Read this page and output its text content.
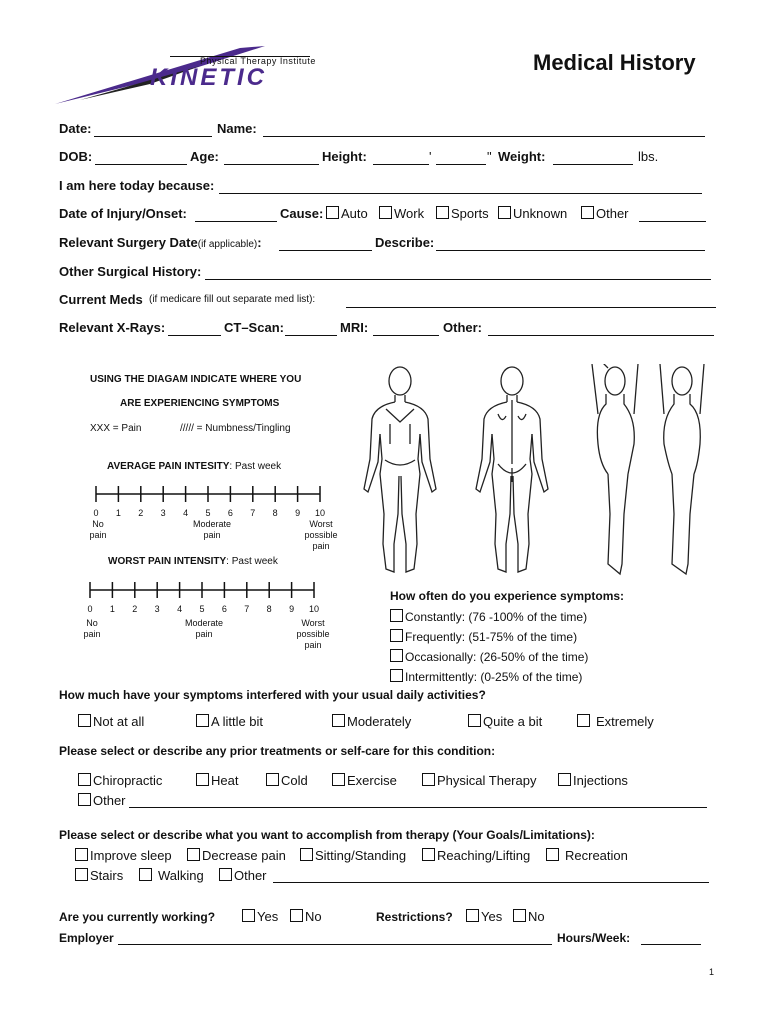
Physical Therapy Institute
KINETIC
Medical History
Date:	Name:
DOB:	Age:	Height:	'	" Weight:	lbs.
I am here today because:
Date of Injury/Onset:	Cause:	Auto	Work	Sports	Unknown	Other
Relevant Surgery Date(if applicable):	Describe:
Other Surgical History:
Current Meds (if medicare fill out separate med list):
Relevant X-Rays:	CT–Scan:	MRI:	Other:
USING THE DIAGAM INDICATE WHERE YOU
ARE EXPERIENCING SYMPTOMS
XXX = Pain	///// = Numbness/Tingling
AVERAGE PAIN INTESITY: Past week
0	1	2	3	4	5	6	7	8	9	10
No
pain
Moderate
pain
Worst
possible
pain
WORST PAIN INTENSITY: Past week
0	1	2	3	4	5	6	7	8	9	10
No
pain
Moderate
pain
Worst
possible
pain
How often do you experience symptoms:
Constantly: (76 -100% of the time)
Frequently: (51-75% of the time)
Occasionally: (26-50% of the time)
Intermittently: (0-25% of the time)
How much have your symptoms interfered with your usual daily activities?
Not at all	A little bit	Moderately	Quite a bit	Extremely
Please select or describe any prior treatments or self-care for this condition:
Chiropractic	Heat	Cold	Exercise	Physical Therapy	Injections
Other
Please select or describe what you want to accomplish from therapy (Your Goals/Limitations):
Improve sleep	Decrease pain	Sitting/Standing	Reaching/Lifting	Recreation
Stairs	Walking	Other
Are you currently working?	Yes	No	Restrictions?	Yes	No
Employer	Hours/Week:
1
